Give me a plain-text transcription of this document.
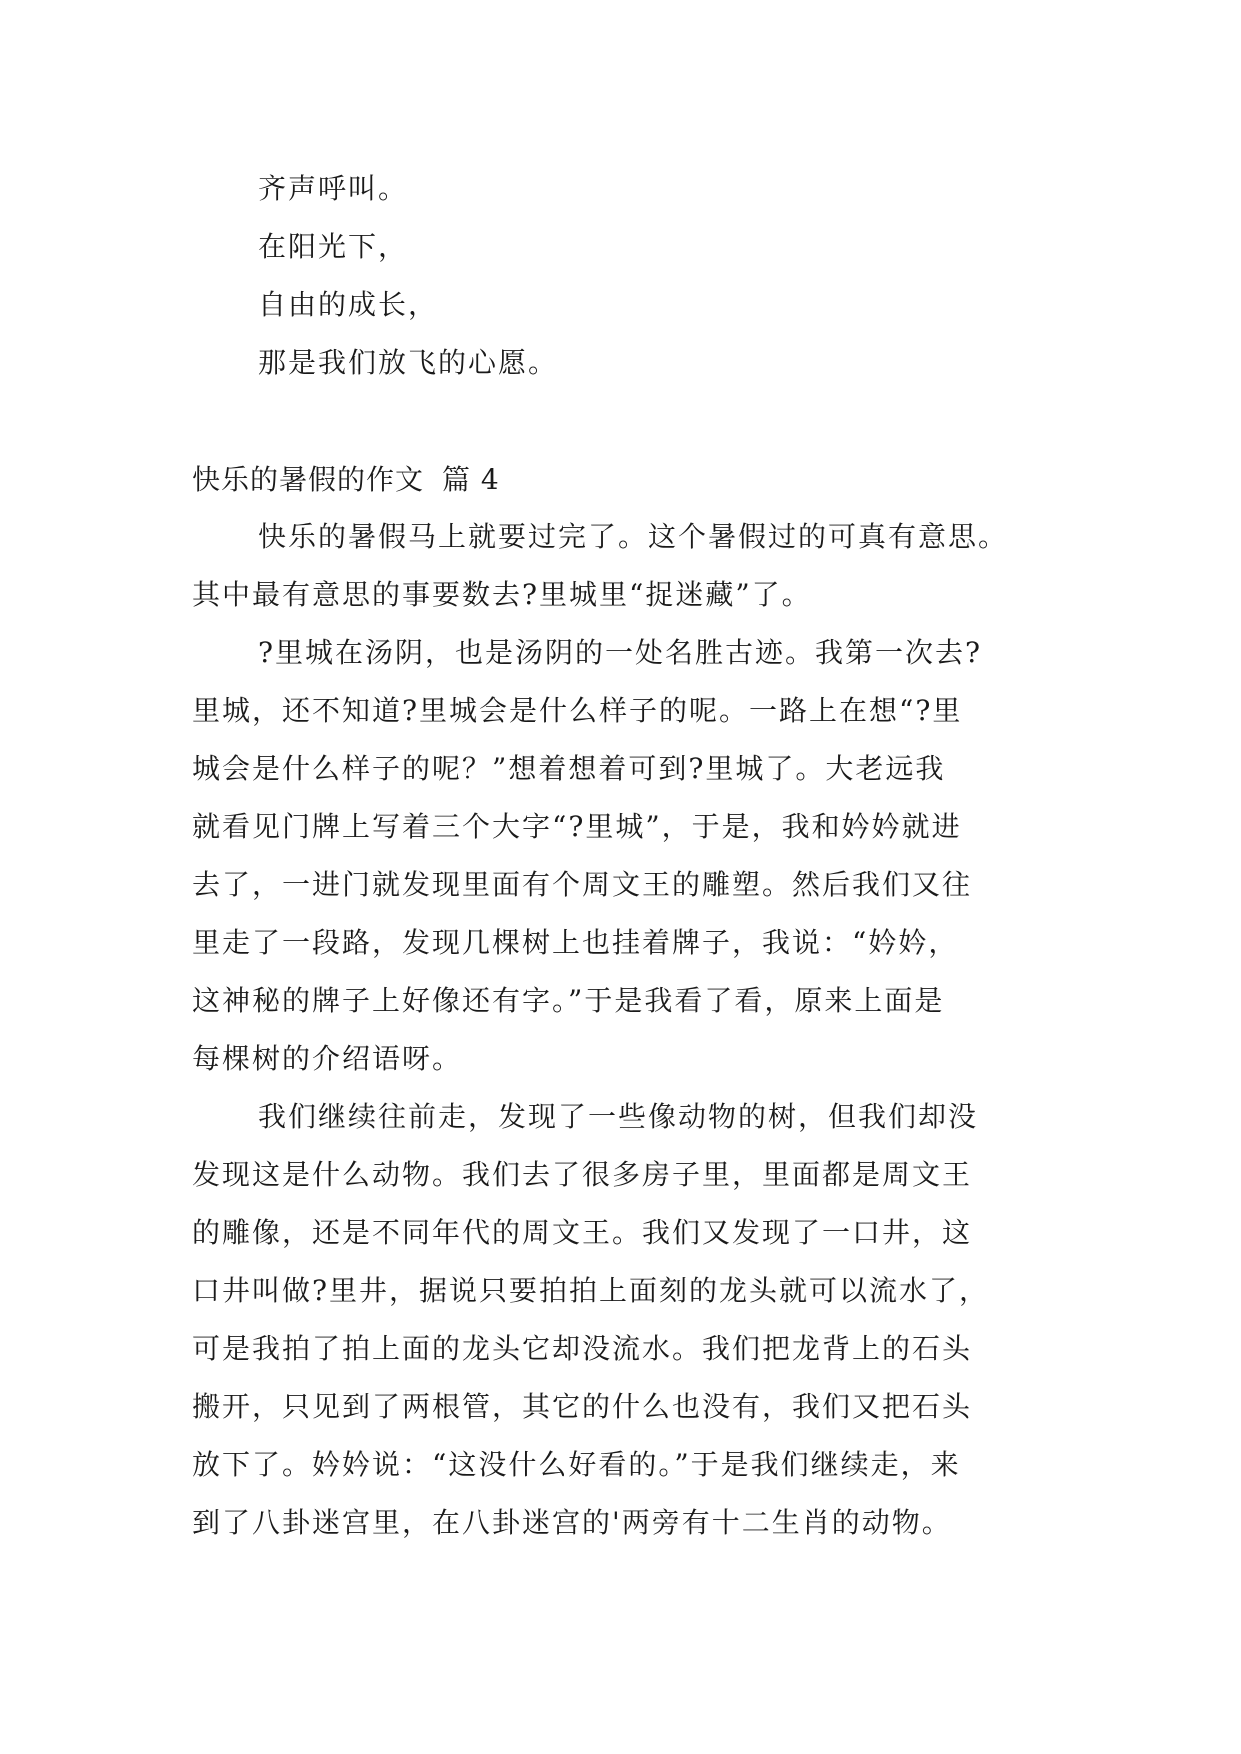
齐声呼叫。
在阳光下，
自由的成长，
那是我们放飞的心愿。
快乐的暑假的作文 篇 4
快乐的暑假马上就要过完了。这个暑假过的可真有意思。
其中最有意思的事要数去?里城里“捉迷藏”了。
?里城在汤阴，也是汤阴的一处名胜古迹。我第一次去?
里城，还不知道?里城会是什么样子的呢。一路上在想“?里
城会是什么样子的呢？”想着想着可到?里城了。大老远我
就看见门牌上写着三个大字“?里城”，于是，我和妗妗就进
去了，一进门就发现里面有个周文王的雕塑。然后我们又往
里走了一段路，发现几棵树上也挂着牌子，我说：“妗妗，
这神秘的牌子上好像还有字。”于是我看了看，原来上面是
每棵树的介绍语呀。
我们继续往前走，发现了一些像动物的树，但我们却没
发现这是什么动物。我们去了很多房子里，里面都是周文王
的雕像，还是不同年代的周文王。我们又发现了一口井，这
口井叫做?里井，据说只要拍拍上面刻的龙头就可以流水了，
可是我拍了拍上面的龙头它却没流水。我们把龙背上的石头
搬开，只见到了两根管，其它的什么也没有，我们又把石头
放下了。妗妗说：“这没什么好看的。”于是我们继续走，来
到了八卦迷宫里，在八卦迷宫的'两旁有十二生肖的动物。
